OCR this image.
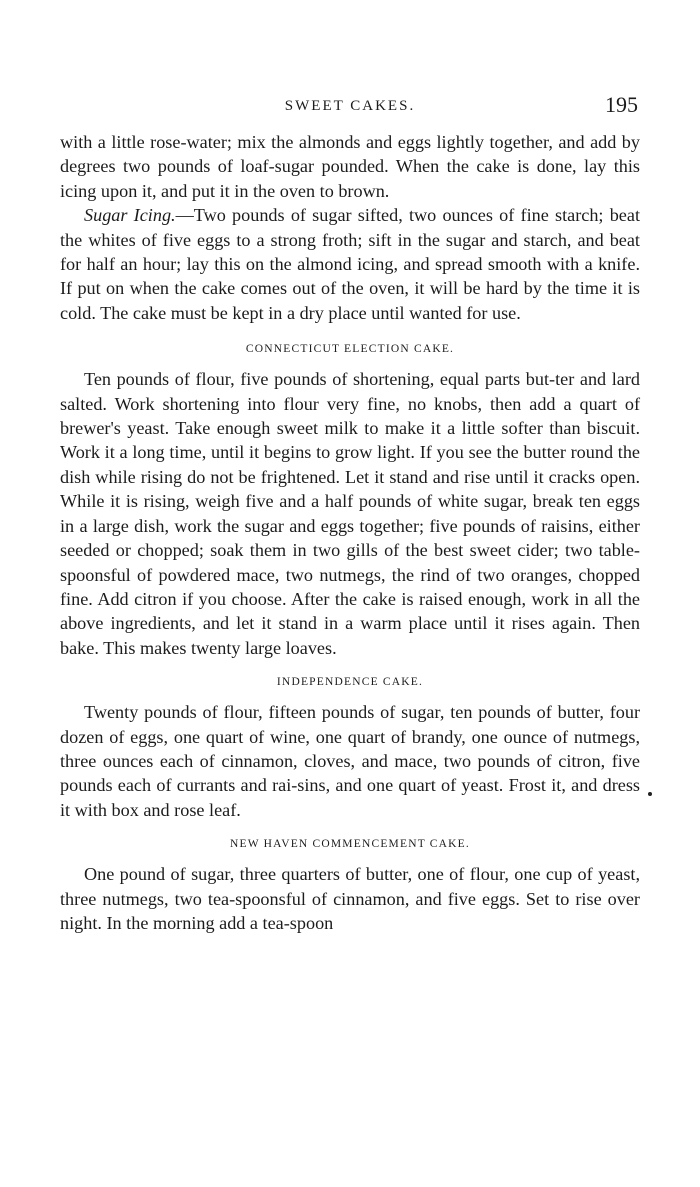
SWEET CAKES.	195

with a little rose-water; mix the almonds and eggs lightly together, and add by degrees two pounds of loaf-sugar pounded. When the cake is done, lay this icing upon it, and put it in the oven to brown.

Sugar Icing.—Two pounds of sugar sifted, two ounces of fine starch; beat the whites of five eggs to a strong froth; sift in the sugar and starch, and beat for half an hour; lay this on the almond icing, and spread smooth with a knife. If put on when the cake comes out of the oven, it will be hard by the time it is cold. The cake must be kept in a dry place until wanted for use.

CONNECTICUT ELECTION CAKE.

Ten pounds of flour, five pounds of shortening, equal parts but-ter and lard salted. Work shortening into flour very fine, no knobs, then add a quart of brewer's yeast. Take enough sweet milk to make it a little softer than biscuit. Work it a long time, until it begins to grow light. If you see the butter round the dish while rising do not be frightened. Let it stand and rise until it cracks open. While it is rising, weigh five and a half pounds of white sugar, break ten eggs in a large dish, work the sugar and eggs together; five pounds of raisins, either seeded or chopped; soak them in two gills of the best sweet cider; two table-spoonsful of powdered mace, two nutmegs, the rind of two oranges, chopped fine. Add citron if you choose. After the cake is raised enough, work in all the above ingredients, and let it stand in a warm place until it rises again. Then bake. This makes twenty large loaves.

INDEPENDENCE CAKE.

Twenty pounds of flour, fifteen pounds of sugar, ten pounds of butter, four dozen of eggs, one quart of wine, one quart of brandy, one ounce of nutmegs, three ounces each of cinnamon, cloves, and mace, two pounds of citron, five pounds each of currants and rai-sins, and one quart of yeast. Frost it, and dress it with box and rose leaf.

NEW HAVEN COMMENCEMENT CAKE.

One pound of sugar, three quarters of butter, one of flour, one cup of yeast, three nutmegs, two tea-spoonsful of cinnamon, and five eggs. Set to rise over night. In the morning add a tea-spoon
